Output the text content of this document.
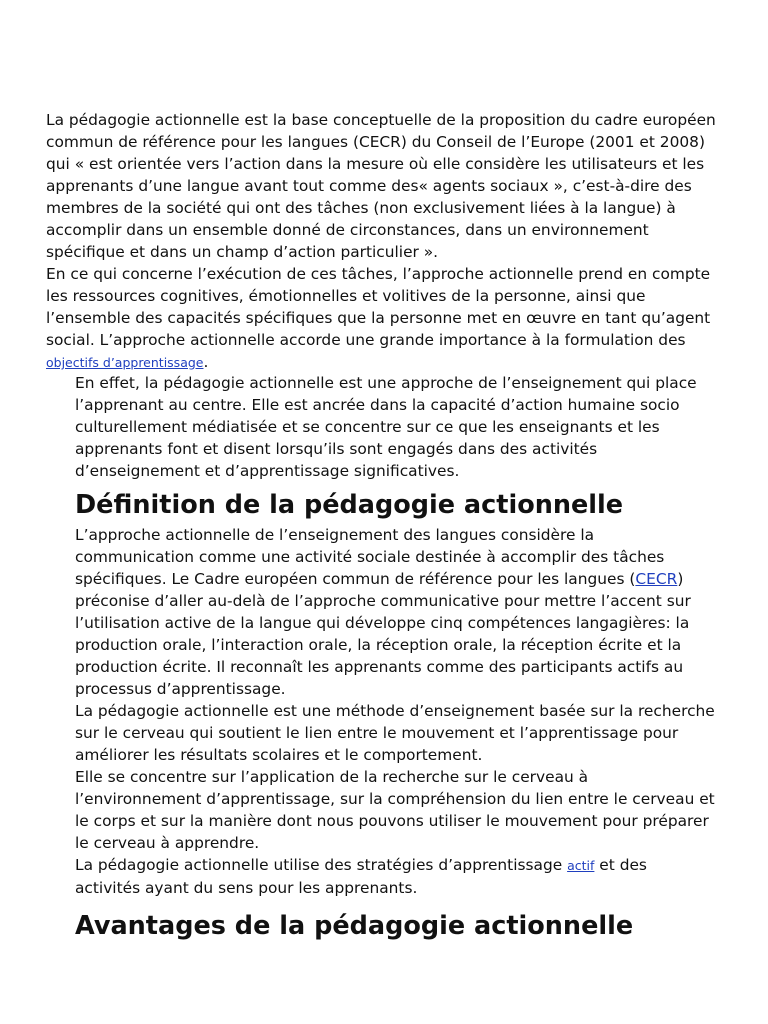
La pédagogie actionnelle est la base conceptuelle de la proposition du cadre européen commun de référence pour les langues (CECR) du Conseil de l’Europe (2001 et 2008) qui « est orientée vers l’action dans la mesure où elle considère les utilisateurs et les apprenants d’une langue avant tout comme des« agents sociaux », c’est-à-dire des membres de la société qui ont des tâches (non exclusivement liées à la langue) à accomplir dans un ensemble donné de circonstances, dans un environnement spécifique et dans un champ d’action particulier ».

En ce qui concerne l’exécution de ces tâches, l’approche actionnelle prend en compte les ressources cognitives, émotionnelles et volitives de la personne, ainsi que l’ensemble des capacités spécifiques que la personne met en œuvre en tant qu’agent social. L’approche actionnelle accorde une grande importance à la formulation des objectifs d’apprentissage.

En effet, la pédagogie actionnelle est une approche de l’enseignement qui place l’apprenant au centre. Elle est ancrée dans la capacité d’action humaine socio culturellement médiatisée et se concentre sur ce que les enseignants et les apprenants font et disent lorsqu’ils sont engagés dans des activités d’enseignement et d’apprentissage significatives.

Définition de la pédagogie actionnelle

L’approche actionnelle de l’enseignement des langues considère la communication comme une activité sociale destinée à accomplir des tâches spécifiques. Le Cadre européen commun de référence pour les langues (CECR) préconise d’aller au-delà de l’approche communicative pour mettre l’accent sur l’utilisation active de la langue qui développe cinq compétences langagières: la production orale, l’interaction orale, la réception orale, la réception écrite et la production écrite. Il reconnaît les apprenants comme des participants actifs au processus d’apprentissage.

La pédagogie actionnelle est une méthode d’enseignement basée sur la recherche sur le cerveau qui soutient le lien entre le mouvement et l’apprentissage pour améliorer les résultats scolaires et le comportement.

Elle se concentre sur l’application de la recherche sur le cerveau à l’environnement d’apprentissage, sur la compréhension du lien entre le cerveau et le corps et sur la manière dont nous pouvons utiliser le mouvement pour préparer le cerveau à apprendre.

La pédagogie actionnelle utilise des stratégies d’apprentissage actif et des activités ayant du sens pour les apprenants.

Avantages de la pédagogie actionnelle
